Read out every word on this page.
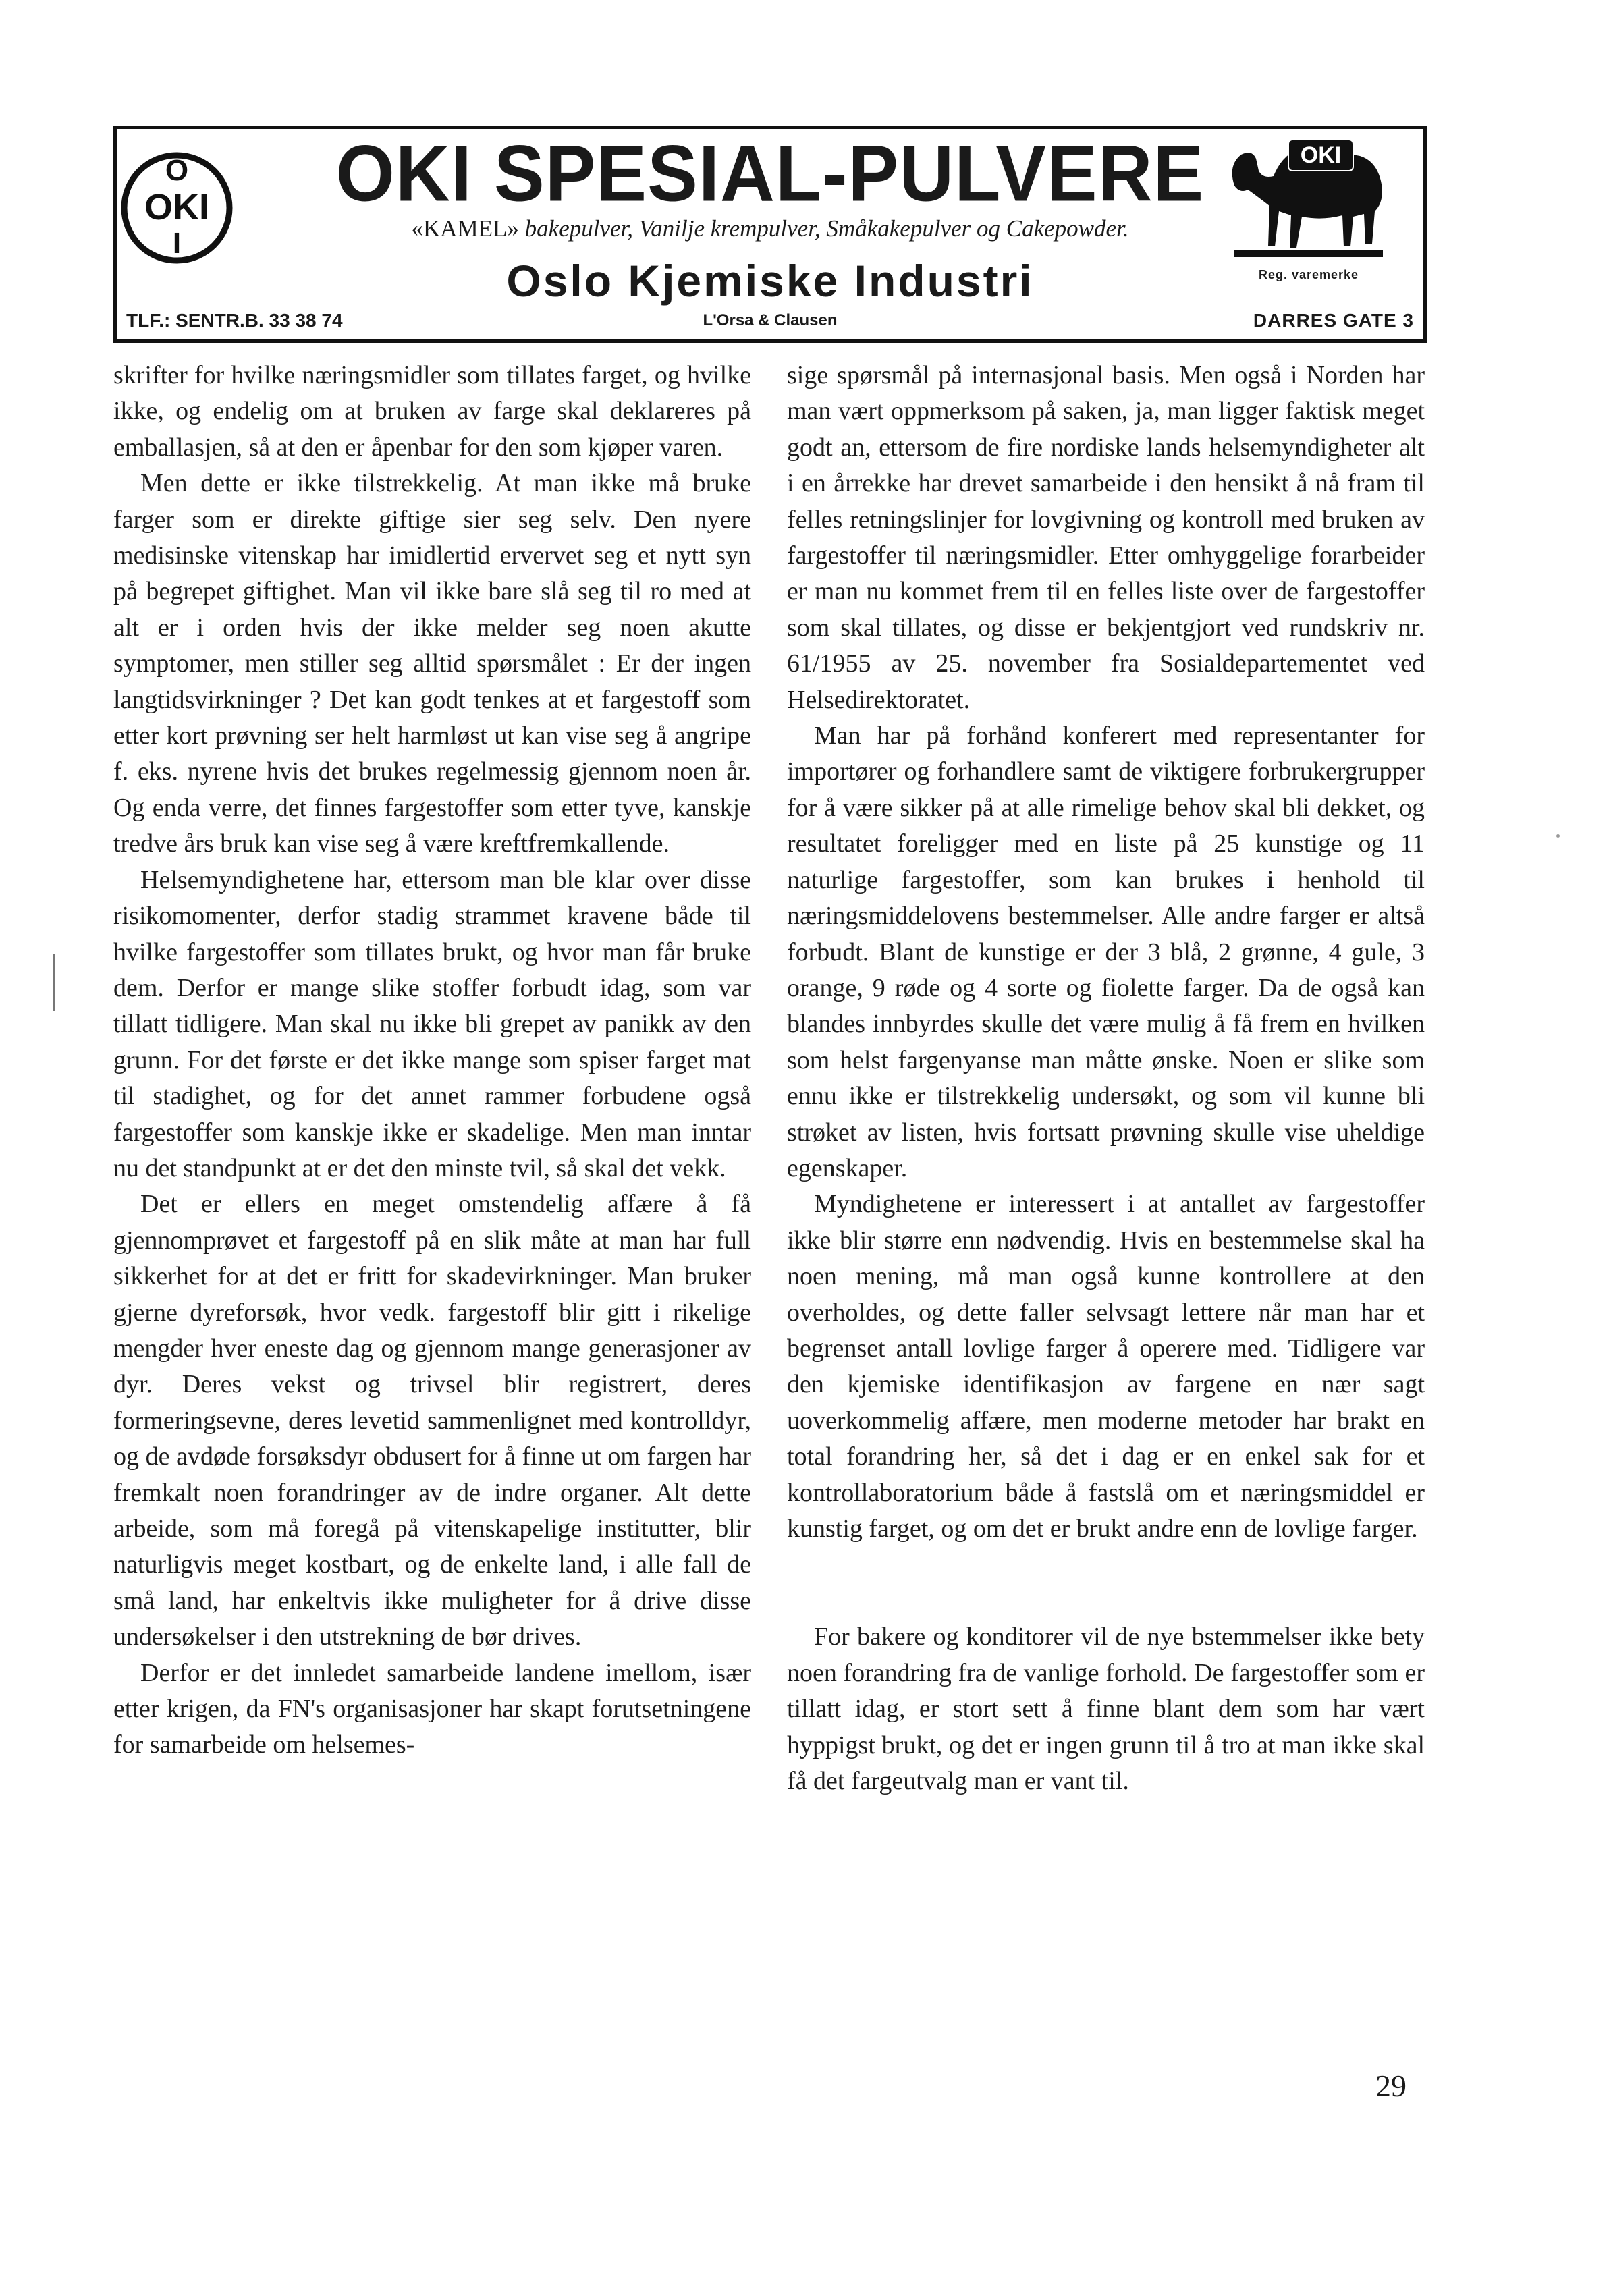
O
OKI
I
OKI SPESIAL-PULVERE
«KAMEL» bakepulver, Vanilje krempulver, Småkakepulver og Cakepowder.
Oslo Kjemiske Industri
OKI
Reg. varemerke
TLF.: SENTR.B. 33 38 74	L'Orsa & Clausen	DARRES GATE 3

skrifter for hvilke næringsmidler som tillates farget, og hvilke ikke, og endelig om at bruken av farge skal deklareres på emballasjen, så at den er åpenbar for den som kjøper varen.

Men dette er ikke tilstrekkelig. At man ikke må bruke farger som er direkte giftige sier seg selv. Den nyere medisinske vitenskap har imidlertid ervervet seg et nytt syn på begrepet giftighet. Man vil ikke bare slå seg til ro med at alt er i orden hvis der ikke melder seg noen akutte symptomer, men stiller seg alltid spørsmålet : Er der ingen langtidsvirkninger ? Det kan godt tenkes at et fargestoff som etter kort prøvning ser helt harmløst ut kan vise seg å angripe f. eks. nyrene hvis det brukes regelmessig gjennom noen år. Og enda verre, det finnes fargestoffer som etter tyve, kanskje tredve års bruk kan vise seg å være kreftfremkallende.

Helsemyndighetene har, ettersom man ble klar over disse risikomomenter, derfor stadig strammet kravene både til hvilke fargestoffer som tillates brukt, og hvor man får bruke dem. Derfor er mange slike stoffer forbudt idag, som var tillatt tidligere. Man skal nu ikke bli grepet av panikk av den grunn. For det første er det ikke mange som spiser farget mat til stadighet, og for det annet rammer forbudene også fargestoffer som kanskje ikke er skadelige. Men man inntar nu det standpunkt at er det den minste tvil, så skal det vekk.

Det er ellers en meget omstendelig affære å få gjennomprøvet et fargestoff på en slik måte at man har full sikkerhet for at det er fritt for skadevirkninger. Man bruker gjerne dyreforsøk, hvor vedk. fargestoff blir gitt i rikelige mengder hver eneste dag og gjennom mange generasjoner av dyr. Deres vekst og trivsel blir registrert, deres formeringsevne, deres levetid sammenlignet med kontrolldyr, og de avdøde forsøksdyr obdusert for å finne ut om fargen har fremkalt noen forandringer av de indre organer. Alt dette arbeide, som må foregå på vitenskapelige institutter, blir naturligvis meget kostbart, og de enkelte land, i alle fall de små land, har enkeltvis ikke muligheter for å drive disse undersøkelser i den utstrekning de bør drives.

Derfor er det innledet samarbeide landene imellom, især etter krigen, da FN's organisasjoner har skapt forutsetningene for samarbeide om helsemes-

sige spørsmål på internasjonal basis. Men også i Norden har man vært oppmerksom på saken, ja, man ligger faktisk meget godt an, ettersom de fire nordiske lands helsemyndigheter alt i en årrekke har drevet samarbeide i den hensikt å nå fram til felles retningslinjer for lovgivning og kontroll med bruken av fargestoffer til næringsmidler. Etter omhyggelige forarbeider er man nu kommet frem til en felles liste over de fargestoffer som skal tillates, og disse er bekjentgjort ved rundskriv nr. 61/1955 av 25. november fra Sosialdepartementet ved Helsedirektoratet.

Man har på forhånd konferert med representanter for importører og forhandlere samt de viktigere forbrukergrupper for å være sikker på at alle rimelige behov skal bli dekket, og resultatet foreligger med en liste på 25 kunstige og 11 naturlige fargestoffer, som kan brukes i henhold til næringsmiddelovens bestemmelser. Alle andre farger er altså forbudt. Blant de kunstige er der 3 blå, 2 grønne, 4 gule, 3 orange, 9 røde og 4 sorte og fiolette farger. Da de også kan blandes innbyrdes skulle det være mulig å få frem en hvilken som helst fargenyanse man måtte ønske. Noen er slike som ennu ikke er tilstrekkelig undersøkt, og som vil kunne bli strøket av listen, hvis fortsatt prøvning skulle vise uheldige egenskaper.

Myndighetene er interessert i at antallet av fargestoffer ikke blir større enn nødvendig. Hvis en bestemmelse skal ha noen mening, må man også kunne kontrollere at den overholdes, og dette faller selvsagt lettere når man har et begrenset antall lovlige farger å operere med. Tidligere var den kjemiske identifikasjon av fargene en nær sagt uoverkommelig affære, men moderne metoder har brakt en total forandring her, så det i dag er en enkel sak for et kontrollaboratorium både å fastslå om et næringsmiddel er kunstig farget, og om det er brukt andre enn de lovlige farger.

For bakere og konditorer vil de nye bstemmelser ikke bety noen forandring fra de vanlige forhold. De fargestoffer som er tillatt idag, er stort sett å finne blant dem som har vært hyppigst brukt, og det er ingen grunn til å tro at man ikke skal få det fargeutvalg man er vant til.

29
